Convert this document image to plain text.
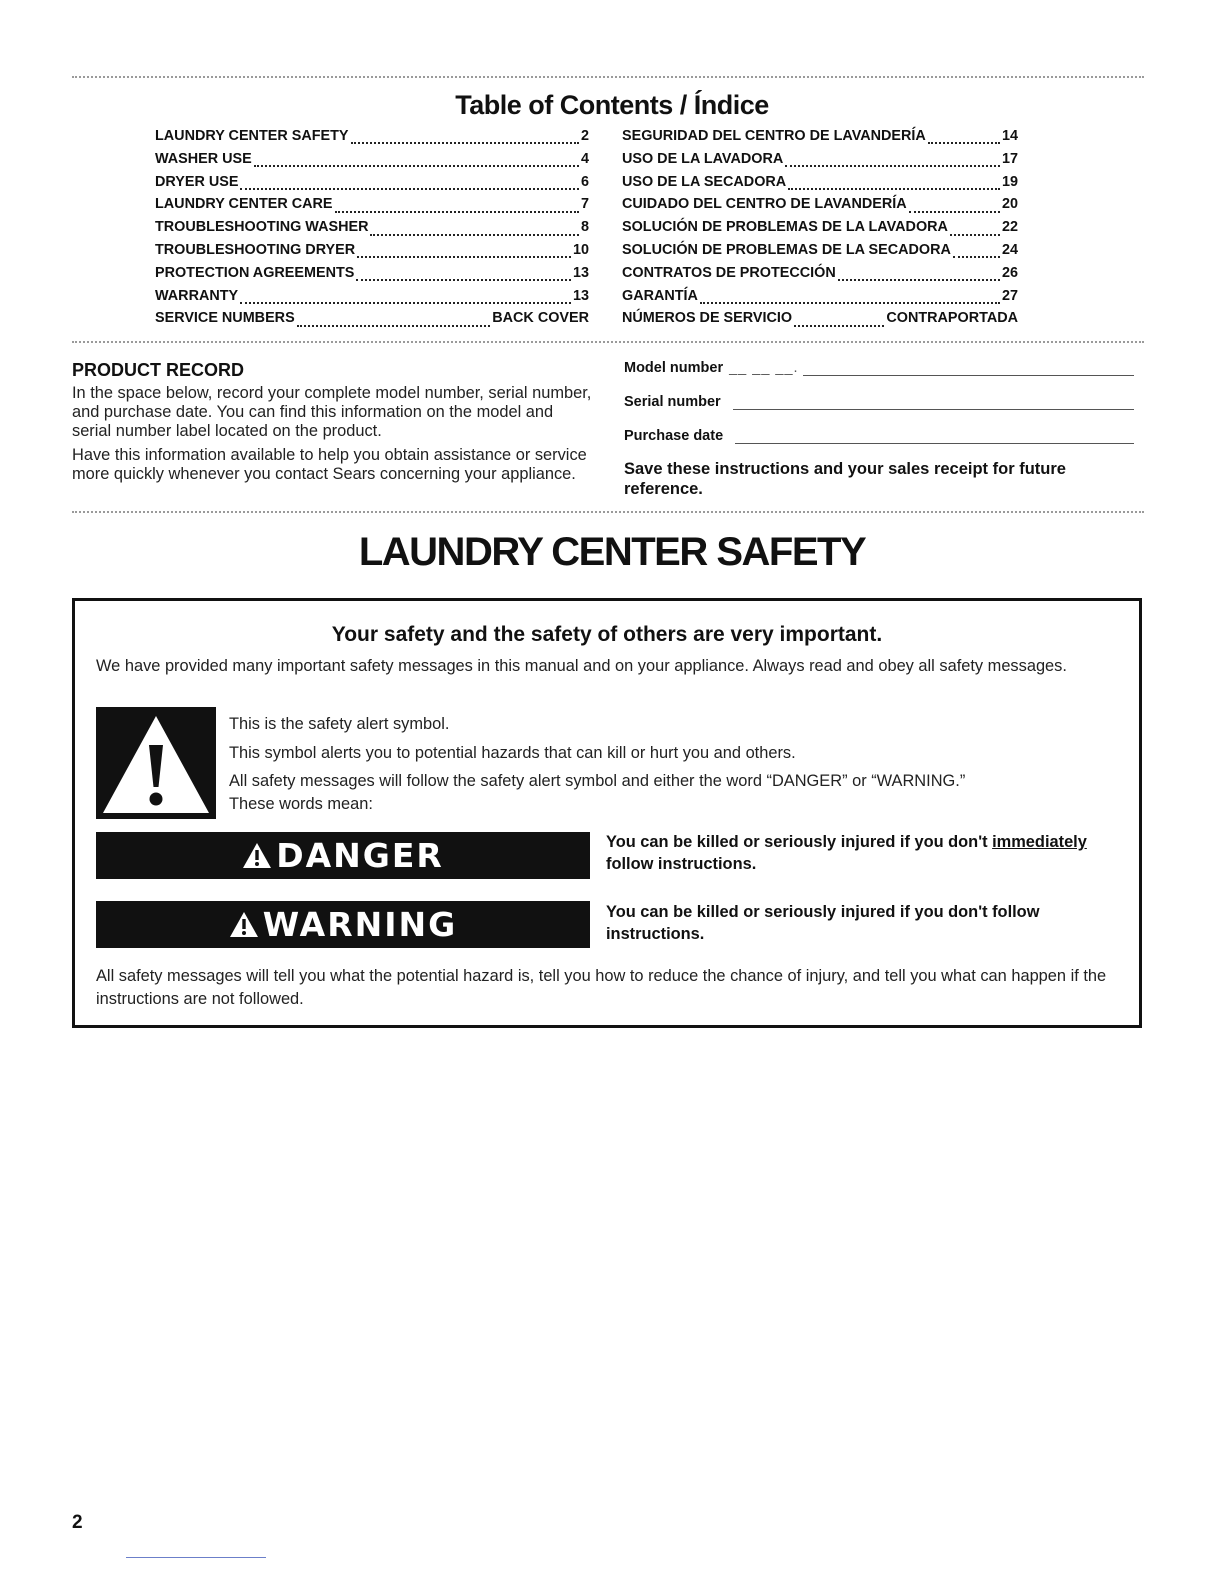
Table of Contents / Índice
LAUNDRY CENTER SAFETY	2
WASHER USE	4
DRYER USE	6
LAUNDRY CENTER CARE	7
TROUBLESHOOTING WASHER	8
TROUBLESHOOTING DRYER	10
PROTECTION AGREEMENTS	13
WARRANTY	13
SERVICE NUMBERS	BACK COVER
SEGURIDAD DEL CENTRO DE LAVANDERÍA	14
USO DE LA LAVADORA	17
USO DE LA SECADORA	19
CUIDADO DEL CENTRO DE LAVANDERÍA	20
SOLUCIÓN DE PROBLEMAS DE LA LAVADORA	22
SOLUCIÓN DE PROBLEMAS DE LA SECADORA	24
CONTRATOS DE PROTECCIÓN	26
GARANTÍA	27
NÚMEROS DE SERVICIO	CONTRAPORTADA
PRODUCT RECORD
In the space below, record your complete model number, serial number, and purchase date. You can find this information on the model and serial number label located on the product.
Have this information available to help you obtain assistance or service more quickly whenever you contact Sears concerning your appliance.
Model number __ __ __.
Serial number
Purchase date
Save these instructions and your sales receipt for future reference.
LAUNDRY CENTER SAFETY
Your safety and the safety of others are very important.
We have provided many important safety messages in this manual and on your appliance. Always read and obey all safety messages.
This is the safety alert symbol.
This symbol alerts you to potential hazards that can kill or hurt you and others.
All safety messages will follow the safety alert symbol and either the word “DANGER” or “WARNING.”
These words mean:
DANGER	You can be killed or seriously injured if you don't immediately follow instructions.
WARNING	You can be killed or seriously injured if you don't follow instructions.
All safety messages will tell you what the potential hazard is, tell you how to reduce the chance of injury, and tell you what can happen if the instructions are not followed.
2
